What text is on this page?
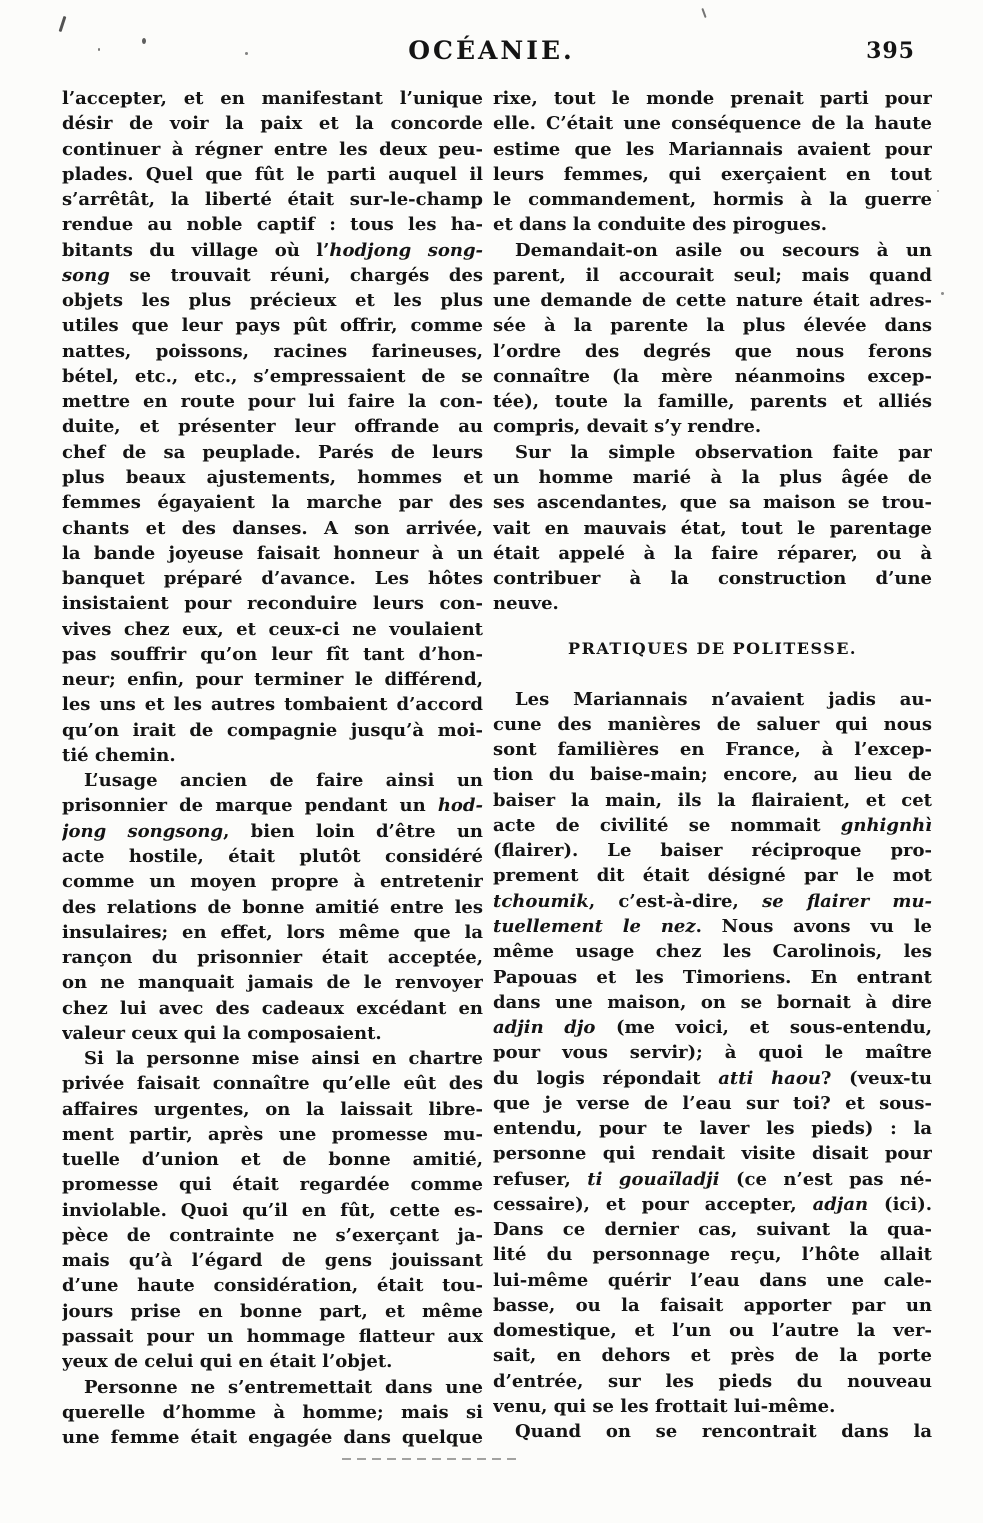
OCÉANIE.	395
l’accepter, et en manifestant l’unique
désir de voir la paix et la concorde
continuer à régner entre les deux peu-
plades. Quel que fût le parti auquel il
s’arrêtât, la liberté était sur-le-champ
rendue au noble captif : tous les ha-
bitants du village où l’hodjong song-
song se trouvait réuni, chargés des
objets les plus précieux et les plus
utiles que leur pays pût offrir, comme
nattes, poissons, racines farineuses,
bétel, etc., etc., s’empressaient de se
mettre en route pour lui faire la con-
duite, et présenter leur offrande au
chef de sa peuplade. Parés de leurs
plus beaux ajustements, hommes et
femmes égayaient la marche par des
chants et des danses. A son arrivée,
la bande joyeuse faisait honneur à un
banquet préparé d’avance. Les hôtes
insistaient pour reconduire leurs con-
vives chez eux, et ceux-ci ne voulaient
pas souffrir qu’on leur fît tant d’hon-
neur; enfin, pour terminer le différend,
les uns et les autres tombaient d’accord
qu’on irait de compagnie jusqu’à moi-
tié chemin.
L’usage ancien de faire ainsi un
prisonnier de marque pendant un hod-
jong songsong, bien loin d’être un
acte hostile, était plutôt considéré
comme un moyen propre à entretenir
des relations de bonne amitié entre les
insulaires; en effet, lors même que la
rançon du prisonnier était acceptée,
on ne manquait jamais de le renvoyer
chez lui avec des cadeaux excédant en
valeur ceux qui la composaient.
Si la personne mise ainsi en chartre
privée faisait connaître qu’elle eût des
affaires urgentes, on la laissait libre-
ment partir, après une promesse mu-
tuelle d’union et de bonne amitié,
promesse qui était regardée comme
inviolable. Quoi qu’il en fût, cette es-
pèce de contrainte ne s’exerçant ja-
mais qu’à l’égard de gens jouissant
d’une haute considération, était tou-
jours prise en bonne part, et même
passait pour un hommage flatteur aux
yeux de celui qui en était l’objet.
Personne ne s’entremettait dans une
querelle d’homme à homme; mais si
une femme était engagée dans quelque
rixe, tout le monde prenait parti pour
elle. C’était une conséquence de la haute
estime que les Mariannais avaient pour
leurs femmes, qui exerçaient en tout
le commandement, hormis à la guerre
et dans la conduite des pirogues.
Demandait-on asile ou secours à un
parent, il accourait seul; mais quand
une demande de cette nature était adres-
sée à la parente la plus élevée dans
l’ordre des degrés que nous ferons
connaître (la mère néanmoins excep-
tée), toute la famille, parents et alliés
compris, devait s’y rendre.
Sur la simple observation faite par
un homme marié à la plus âgée de
ses ascendantes, que sa maison se trou-
vait en mauvais état, tout le parentage
était appelé à la faire réparer, ou à
contribuer à la construction d’une
neuve.
PRATIQUES DE POLITESSE.
Les Mariannais n’avaient jadis au-
cune des manières de saluer qui nous
sont familières en France, à l’excep-
tion du baise-main; encore, au lieu de
baiser la main, ils la flairaient, et cet
acte de civilité se nommait gnhignhì
(flairer). Le baiser réciproque pro-
prement dit était désigné par le mot
tchoumik, c’est-à-dire, se flairer mu-
tuellement le nez. Nous avons vu le
même usage chez les Carolinois, les
Papouas et les Timoriens. En entrant
dans une maison, on se bornait à dire
adjin djo (me voici, et sous-entendu,
pour vous servir); à quoi le maître
du logis répondait atti haou? (veux-tu
que je verse de l’eau sur toi? et sous-
entendu, pour te laver les pieds) : la
personne qui rendait visite disait pour
refuser, ti gouaïladji (ce n’est pas né-
cessaire), et pour accepter, adjan (ici).
Dans ce dernier cas, suivant la qua-
lité du personnage reçu, l’hôte allait
lui-même quérir l’eau dans une cale-
basse, ou la faisait apporter par un
domestique, et l’un ou l’autre la ver-
sait, en dehors et près de la porte
d’entrée, sur les pieds du nouveau
venu, qui se les frottait lui-même.
Quand on se rencontrait dans la
